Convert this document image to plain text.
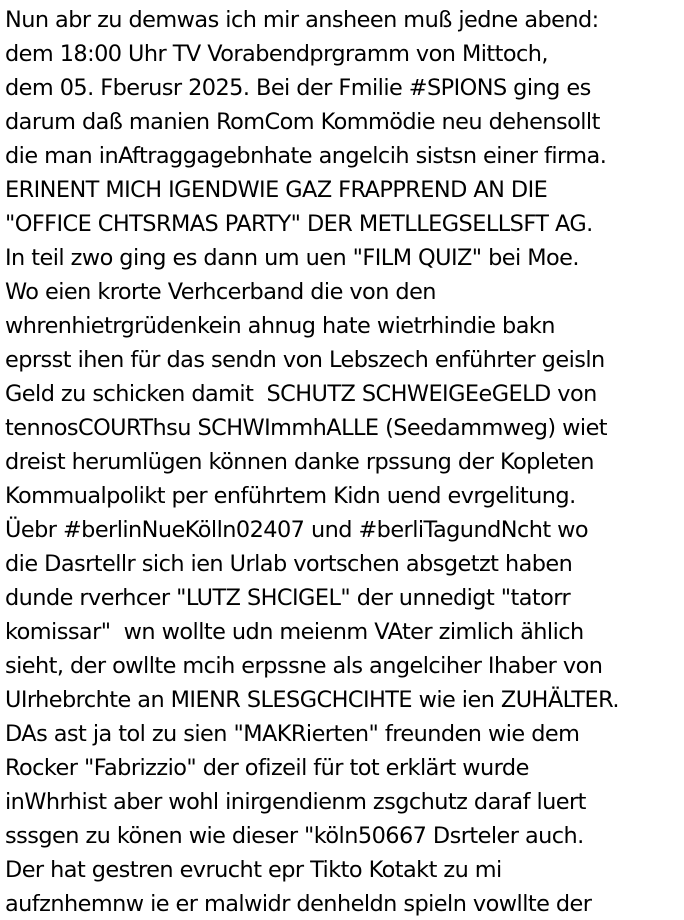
Nun abr zu demwas ich mir ansheen muß jedne abend:
dem 18:00 Uhr TV Vorabendprgramm von Mittoch,
dem 05. Fberusr 2025. Bei der Fmilie #SPIONS ging es
darum daß manien RomCom Kommödie neu dehensollt
die man inAftraggagebnhate angelcih sistsn einer firma.
ERINENT MICH IGENDWIE GAZ FRAPPREND AN DIE
"OFFICE CHTSRMAS PARTY" DER METLLEGSELLSFT AG.
In teil zwo ging es dann um uen "FILM QUIZ" bei Moe.
Wo eien krorte Verhcerband die von den
whrenhietrgrüdenkein ahnug hate wietrhindie bakn
eprsst ihen für das sendn von Lebszech enführter geisln
Geld zu schicken damit  SCHUTZ SCHWEIGEeGELD von
tennosCOURThsu SCHWImmhALLE (Seedammweg) wiet
dreist herumlügen können danke rpssung der Kopleten
Kommualpolikt per enführtem Kidn uend evrgelitung.
Üebr #berlinNueKölln02407 und #berliTagundNcht wo
die Dasrtellr sich ien Urlab vortschen absgetzt haben
dunde rverhcer "LUTZ SHCIGEL" der unnedigt "tatorr
komissar"  wn wollte udn meienm VAter zimlich ählich
sieht, der owllte mcih erpssne als angelciher Ihaber von
UIrhebrchte an MIENR SLESGCHCIHTE wie ien ZUHÄLTER.
DAs ast ja tol zu sien "MAKRierten" freunden wie dem
Rocker "Fabrizzio" der ofizeil für tot erklärt wurde
inWhrhist aber wohl inirgendienm zsgchutz daraf luert
sssgen zu könen wie dieser "köln50667 Dsrteler auch.
Der hat gestren evrucht epr Tikto Kotakt zu mi
aufznhemnw ie er malwidr denheldn spieln vowllte der
